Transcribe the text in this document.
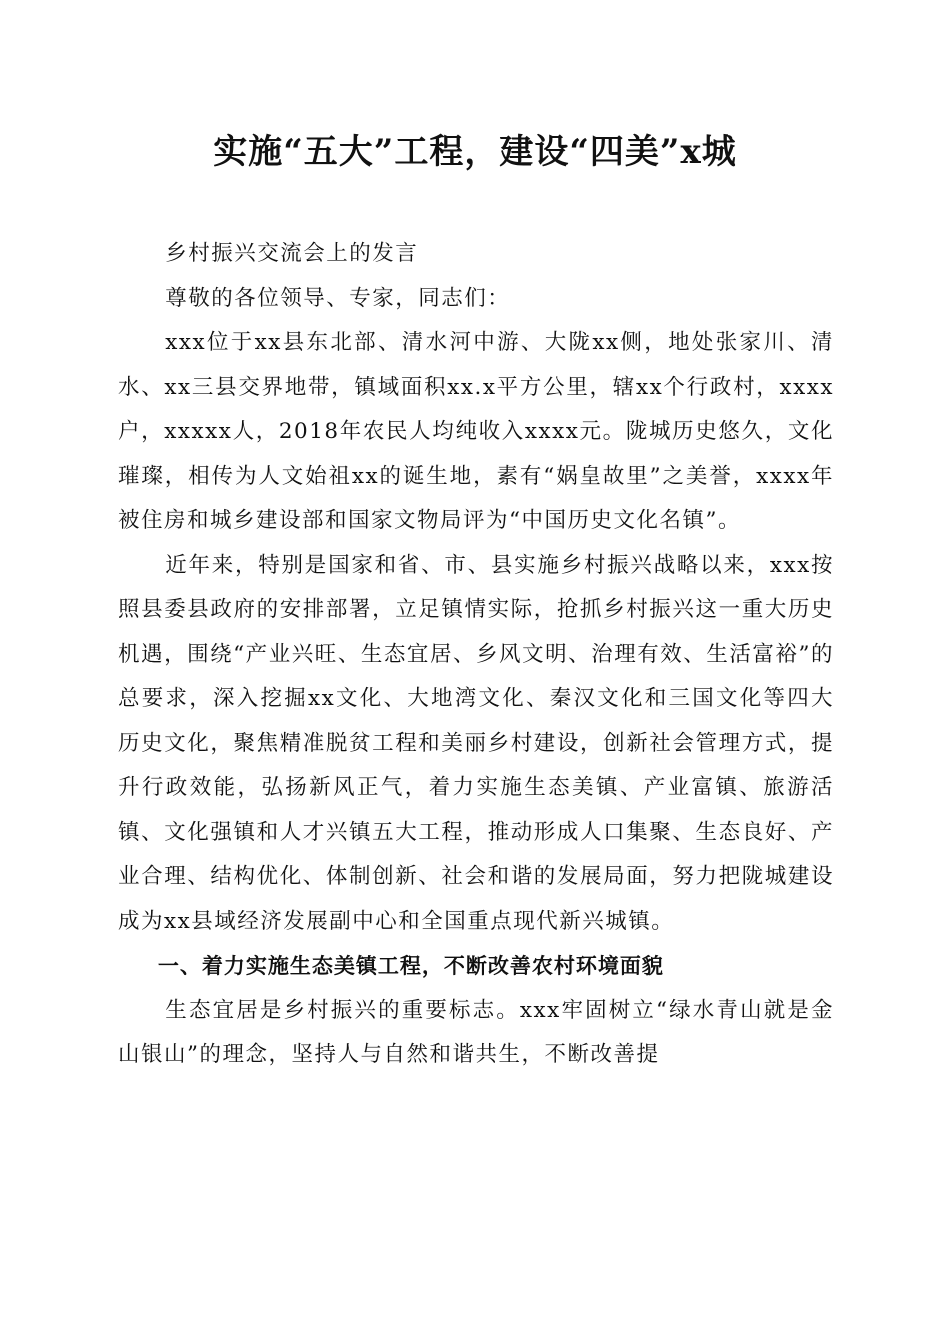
实施“五大”工程，建设“四美”x城

乡村振兴交流会上的发言

尊敬的各位领导、专家，同志们：

xxx位于xx县东北部、清水河中游、大陇xx侧，地处张家川、清水、xx三县交界地带，镇域面积xx.x平方公里，辖xx个行政村，xxxx户，xxxxx人，2018年农民人均纯收入xxxx元。陇城历史悠久，文化璀璨，相传为人文始祖xx的诞生地，素有“娲皇故里”之美誉，xxxx年被住房和城乡建设部和国家文物局评为“中国历史文化名镇”。

近年来，特别是国家和省、市、县实施乡村振兴战略以来，xxx按照县委县政府的安排部署，立足镇情实际，抢抓乡村振兴这一重大历史机遇，围绕“产业兴旺、生态宜居、乡风文明、治理有效、生活富裕”的总要求，深入挖掘xx文化、大地湾文化、秦汉文化和三国文化等四大历史文化，聚焦精准脱贫工程和美丽乡村建设，创新社会管理方式，提升行政效能，弘扬新风正气，着力实施生态美镇、产业富镇、旅游活镇、文化强镇和人才兴镇五大工程，推动形成人口集聚、生态良好、产业合理、结构优化、体制创新、社会和谐的发展局面，努力把陇城建设成为xx县域经济发展副中心和全国重点现代新兴城镇。

一、着力实施生态美镇工程，不断改善农村环境面貌

生态宜居是乡村振兴的重要标志。xxx牢固树立“绿水青山就是金山银山”的理念，坚持人与自然和谐共生，不断改善提
